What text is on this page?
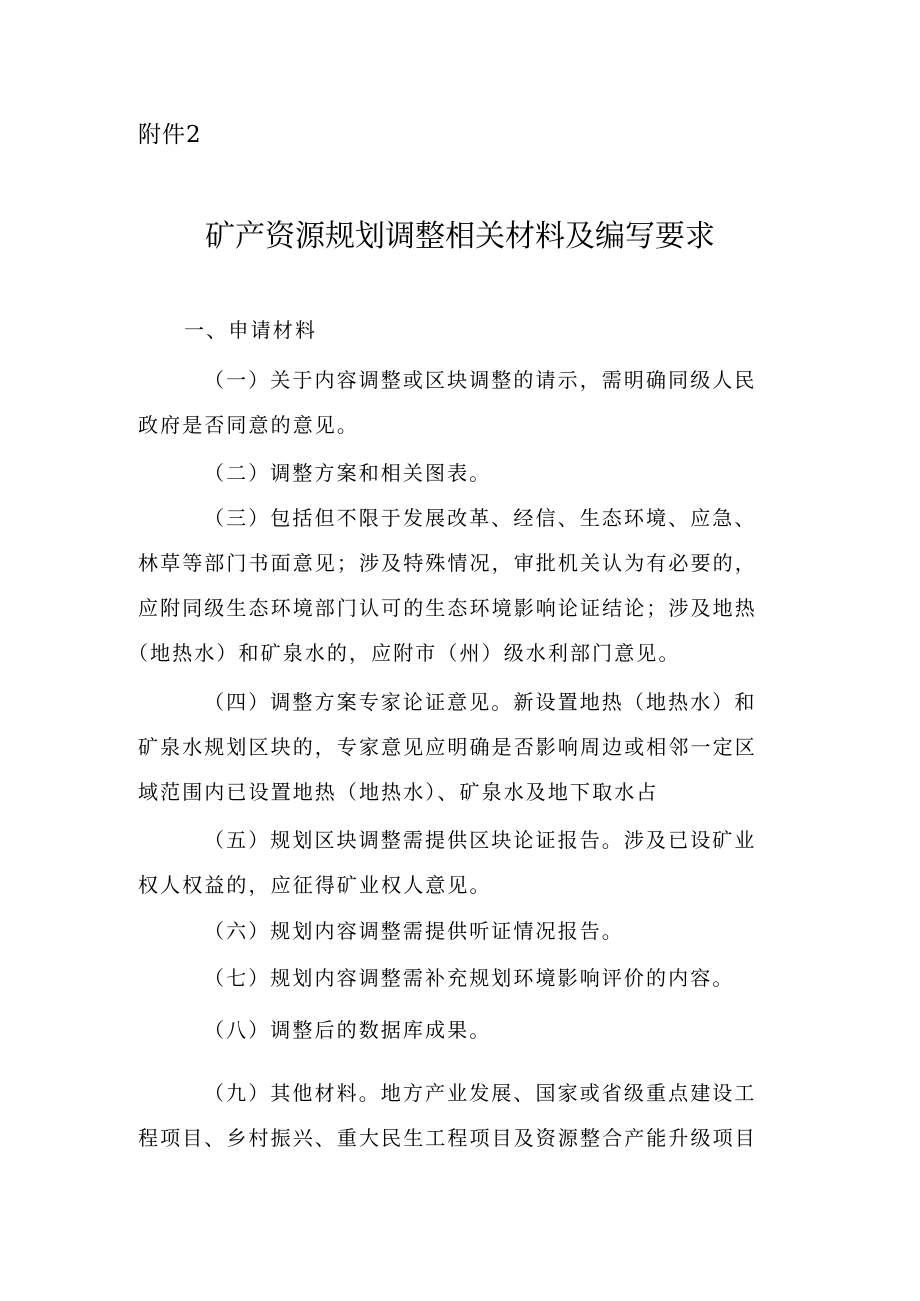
附件2
矿产资源规划调整相关材料及编写要求
一、申请材料
（一）关于内容调整或区块调整的请示，需明确同级人民
政府是否同意的意见。
（二）调整方案和相关图表。
（三）包括但不限于发展改革、经信、生态环境、应急、
林草等部门书面意见；涉及特殊情况，审批机关认为有必要的，
应附同级生态环境部门认可的生态环境影响论证结论；涉及地热
（地热水）和矿泉水的，应附市（州）级水利部门意见。
（四）调整方案专家论证意见。新设置地热（地热水）和
矿泉水规划区块的，专家意见应明确是否影响周边或相邻一定区
域范围内已设置地热（地热水）、矿泉水及地下取水占
（五）规划区块调整需提供区块论证报告。涉及已设矿业
权人权益的，应征得矿业权人意见。
（六）规划内容调整需提供听证情况报告。
（七）规划内容调整需补充规划环境影响评价的内容。
（八）调整后的数据库成果。
（九）其他材料。地方产业发展、国家或省级重点建设工
程项目、乡村振兴、重大民生工程项目及资源整合产能升级项目
